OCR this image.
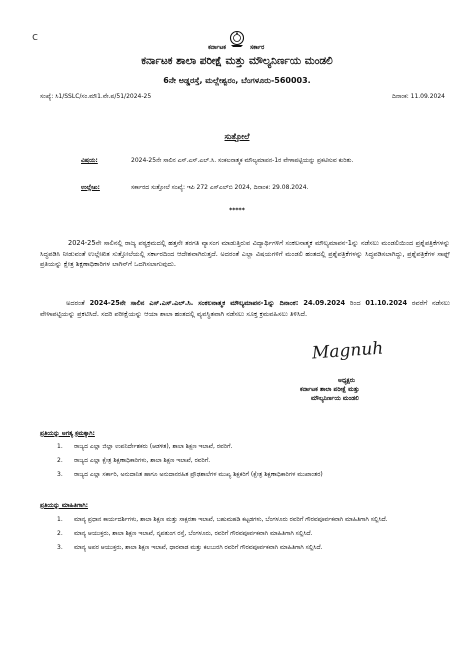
ᴄ
ಕರ್ನಾಟಕ	ಸರ್ಕಾರ
ಕರ್ನಾಟಕ ಶಾಲಾ ಪರೀಕ್ಷೆ ಮತ್ತು ಮೌಲ್ಯನಿರ್ಣಯ ಮಂಡಲಿ
6ನೇ ಅಡ್ಡರಸ್ತೆ, ಮಲ್ಲೇಶ್ವರಂ, ಬೆಂಗಳೂರು-560003.
ಸಂಖ್ಯೆ: ಸಿ1/SSLC/ಸಂ.ಮೌ1.ವೇ.ಪ/51/2024-25	ದಿನಾಂಕ: 11.09.2024
ಸುತ್ತೋಲೆ
ವಿಷಯ:	2024-25ನೇ ಸಾಲಿನ ಎಸ್.ಎಸ್.ಎಲ್.ಸಿ. ಸಂಕಲನಾತ್ಮಕ ಮೌಲ್ಯಮಾಪನ-1ರ ವೇಳಾಪಟ್ಟಿಯನ್ನು ಪ್ರಕಟಿಸುವ ಕುರಿತು.
ಉಲ್ಲೇಖ:	ಸರ್ಕಾರದ ಸುತ್ತೋಲೆ ಸಂಖ್ಯೆ: ಇಪಿ 272 ಎಸ್‌ಎಲ್‌ಬಿ 2024, ದಿನಾಂಕ: 29.08.2024.
*****
2024-25ನೇ ಸಾಲಿನಲ್ಲಿ ರಾಜ್ಯ ಪಠ್ಯಕ್ರಮದಲ್ಲಿ ಹತ್ತನೇ ತರಗತಿ ವ್ಯಾಸಂಗ ಮಾಡುತ್ತಿರುವ ವಿದ್ಯಾರ್ಥಿಗಳಿಗೆ ಸಂಕಲನಾತ್ಮಕ ಮೌಲ್ಯಮಾಪನ-1ನ್ನು ನಡೆಸಲು ಮಂಡಲಿಯಿಂದ ಪ್ರಶ್ನೆಪತ್ರಿಕೆಗಳನ್ನು ಸಿದ್ಧಪಡಿಸಿ ನೀಡುವಂತೆ ಉಲ್ಲೇಖಿತ ಸುತ್ತೋಲೆಯಲ್ಲಿ ಸರ್ಕಾರದಿಂದ ಆದೇಶವಾಗಿರುತ್ತದೆ. ಅದರಂತೆ ಎಲ್ಲಾ ವಿಷಯಗಳಿಗೆ ಮಂಡಲಿ ಹಂತದಲ್ಲಿ ಪ್ರಶ್ನೆಪತ್ರಿಕೆಗಳನ್ನು ಸಿದ್ಧಪಡಿಸಲಾಗಿದ್ದು, ಪ್ರಶ್ನೆಪತ್ರಿಕೆಗಳ ಸಾಫ್ಟ್ ಪ್ರತಿಯನ್ನು ಕ್ಷೇತ್ರ ಶಿಕ್ಷಣಾಧಿಕಾರಿಗಳ ಲಾಗಿನ್‌ಗೆ ಒದಗಿಸಲಾಗುವುದು.
ಅದರಂತೆ 2024-25ನೇ ಸಾಲಿನ ಎಸ್.ಎಸ್.ಎಲ್.ಸಿ. ಸಂಕಲನಾತ್ಮಕ ಮೌಲ್ಯಮಾಪನ-1ನ್ನು ದಿನಾಂಕ: 24.09.2024 ರಿಂದ 01.10.2024 ರವರೆಗೆ ನಡೆಸಲು ವೇಳಾಪಟ್ಟಿಯನ್ನು ಪ್ರಕಟಿಸಿದೆ. ಸದರಿ ಪರೀಕ್ಷೆಯನ್ನು ಆಯಾ ಶಾಲಾ ಹಂತದಲ್ಲಿ ವ್ಯವಸ್ಥಿತವಾಗಿ ನಡೆಸಲು ಸೂಕ್ತ ಕ್ರಮವಹಿಸಲು ತಿಳಿಸಿದೆ.
Magnuh
ಅಧ್ಯಕ್ಷರು
ಕರ್ನಾಟಕ ಶಾಲಾ ಪರೀಕ್ಷೆ ಮತ್ತು
ಮೌಲ್ಯನಿರ್ಣಯ ಮಂಡಲಿ
ಪ್ರತಿಯನ್ನು ಅಗತ್ಯ ಕ್ರಮಕ್ಕಾಗಿ:
1. ರಾಜ್ಯದ ಎಲ್ಲಾ ಜಿಲ್ಲಾ ಉಪನಿರ್ದೇಶಕರು (ಆಡಳಿತ), ಶಾಲಾ ಶಿಕ್ಷಣ ಇಲಾಖೆ, ರವರಿಗೆ.
2. ರಾಜ್ಯದ ಎಲ್ಲಾ ಕ್ಷೇತ್ರ ಶಿಕ್ಷಣಾಧಿಕಾರಿಗಳು, ಶಾಲಾ ಶಿಕ್ಷಣ ಇಲಾಖೆ, ರವರಿಗೆ.
3. ರಾಜ್ಯದ ಎಲ್ಲಾ ಸರ್ಕಾರಿ, ಅನುದಾನಿತ ಹಾಗೂ ಅನುದಾನರಹಿತ ಪ್ರೌಢಶಾಲೆಗಳ ಮುಖ್ಯ ಶಿಕ್ಷಕರಿಗೆ (ಕ್ಷೇತ್ರ ಶಿಕ್ಷಣಾಧಿಕಾರಿಗಳ ಮುಖಾಂತರ)
ಪ್ರತಿಯನ್ನು ಮಾಹಿತಿಗಾಗಿ:
1. ಮಾನ್ಯ ಪ್ರಧಾನ ಕಾರ್ಯದರ್ಶಿಗಳು, ಶಾಲಾ ಶಿಕ್ಷಣ ಮತ್ತು ಸಾಕ್ಷರತಾ ಇಲಾಖೆ, ಬಹುಮಹಡಿ ಕಟ್ಟಡಗಳು, ಬೆಂಗಳೂರು ರವರಿಗೆ ಗೌರವಪೂರ್ವಕವಾಗಿ ಮಾಹಿತಿಗಾಗಿ ಸಲ್ಲಿಸಿದೆ.
2. ಮಾನ್ಯ ಆಯುಕ್ತರು, ಶಾಲಾ ಶಿಕ್ಷಣ ಇಲಾಖೆ, ನೃಪತುಂಗ ರಸ್ತೆ, ಬೆಂಗಳೂರು, ರವರಿಗೆ ಗೌರವಪೂರ್ವಕವಾಗಿ ಮಾಹಿತಿಗಾಗಿ ಸಲ್ಲಿಸಿದೆ.
3. ಮಾನ್ಯ ಅಪರ ಆಯುಕ್ತರು, ಶಾಲಾ ಶಿಕ್ಷಣ ಇಲಾಖೆ, ಧಾರವಾಡ ಮತ್ತು ಕಲಬುರಗಿ ರವರಿಗೆ ಗೌರವಪೂರ್ವಕವಾಗಿ ಮಾಹಿತಿಗಾಗಿ ಸಲ್ಲಿಸಿದೆ.
